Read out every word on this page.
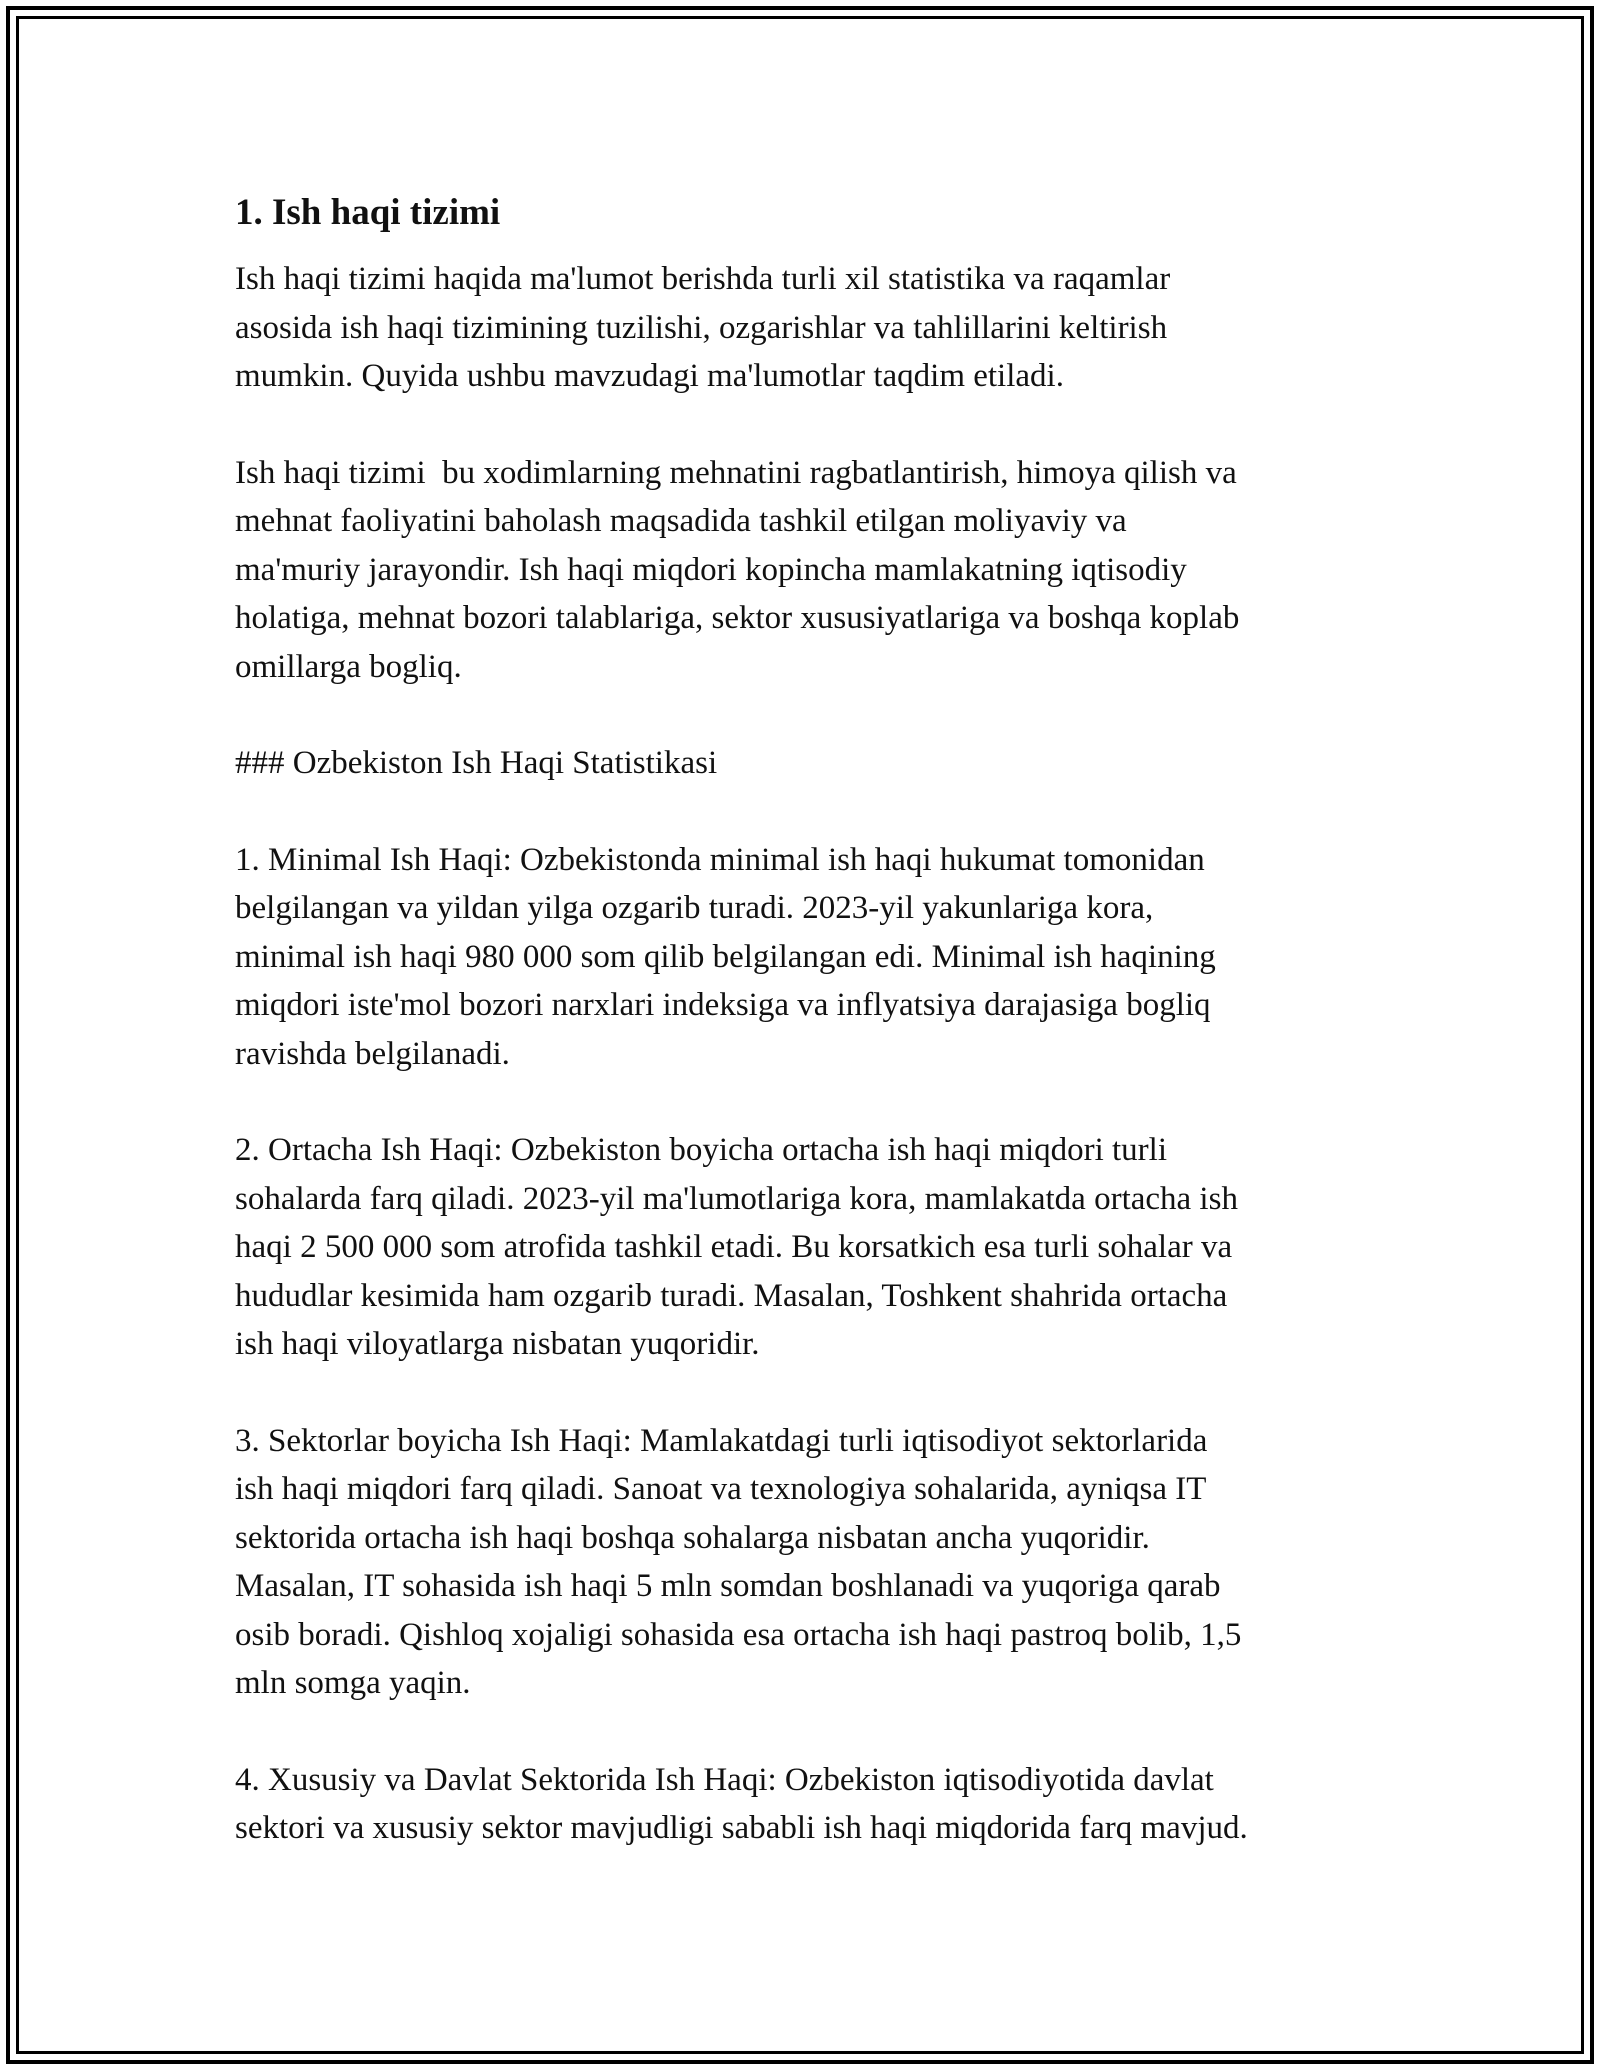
1. Ish haqi tizimi

Ish haqi tizimi haqida ma'lumot berishda turli xil statistika va raqamlar
asosida ish haqi tizimining tuzilishi, ozgarishlar va tahlillarini keltirish
mumkin. Quyida ushbu mavzudagi ma'lumotlar taqdim etiladi.

Ish haqi tizimi  bu xodimlarning mehnatini ragbatlantirish, himoya qilish va
mehnat faoliyatini baholash maqsadida tashkil etilgan moliyaviy va
ma'muriy jarayondir. Ish haqi miqdori kopincha mamlakatning iqtisodiy
holatiga, mehnat bozori talablariga, sektor xususiyatlariga va boshqa koplab
omillarga bogliq.

### Ozbekiston Ish Haqi Statistikasi

1. Minimal Ish Haqi: Ozbekistonda minimal ish haqi hukumat tomonidan
belgilangan va yildan yilga ozgarib turadi. 2023-yil yakunlariga kora,
minimal ish haqi 980 000 som qilib belgilangan edi. Minimal ish haqining
miqdori iste'mol bozori narxlari indeksiga va inflyatsiya darajasiga bogliq
ravishda belgilanadi.

2. Ortacha Ish Haqi: Ozbekiston boyicha ortacha ish haqi miqdori turli
sohalarda farq qiladi. 2023-yil ma'lumotlariga kora, mamlakatda ortacha ish
haqi 2 500 000 som atrofida tashkil etadi. Bu korsatkich esa turli sohalar va
hududlar kesimida ham ozgarib turadi. Masalan, Toshkent shahrida ortacha
ish haqi viloyatlarga nisbatan yuqoridir.

3. Sektorlar boyicha Ish Haqi: Mamlakatdagi turli iqtisodiyot sektorlarida
ish haqi miqdori farq qiladi. Sanoat va texnologiya sohalarida, ayniqsa IT
sektorida ortacha ish haqi boshqa sohalarga nisbatan ancha yuqoridir.
Masalan, IT sohasida ish haqi 5 mln somdan boshlanadi va yuqoriga qarab
osib boradi. Qishloq xojaligi sohasida esa ortacha ish haqi pastroq bolib, 1,5
mln somga yaqin.

4. Xususiy va Davlat Sektorida Ish Haqi: Ozbekiston iqtisodiyotida davlat
sektori va xususiy sektor mavjudligi sababli ish haqi miqdorida farq mavjud.
